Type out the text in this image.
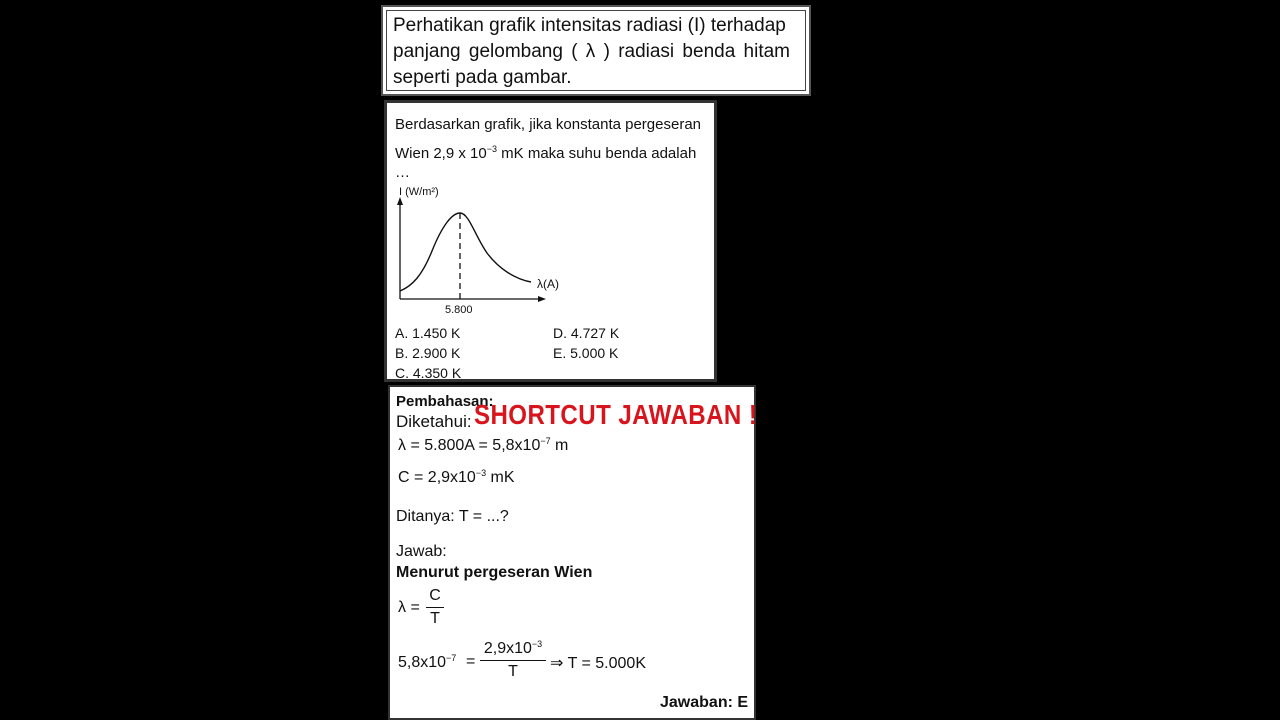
Perhatikan grafik intensitas radiasi (I) terhadap
panjang gelombang ( λ ) radiasi benda hitam
seperti pada gambar.
Berdasarkan grafik, jika konstanta pergeseran
Wien 2,9 x $10^{-3}$ mK maka suhu benda adalah
…
I (W/m²)
λ(A)
5.800
A. 1.450 K
B. 2.900 K
C. 4.350 K
D. 4.727 K
E. 5.000 K
Pembahasan:
Diketahui:
$\lambda = 5.800A = 5,8x10^{-7}$ m
$C = 2,9x10^{-3}$ mK
Ditanya: T = ...?
Jawab:
Menurut pergeseran Wien
λ =
C
T
$5,8x10^{-7}$ =
$2,9x10^{-3}$
T	⇒ T = 5.000K
Jawaban: E
SHORTCUT JAWABAN !
